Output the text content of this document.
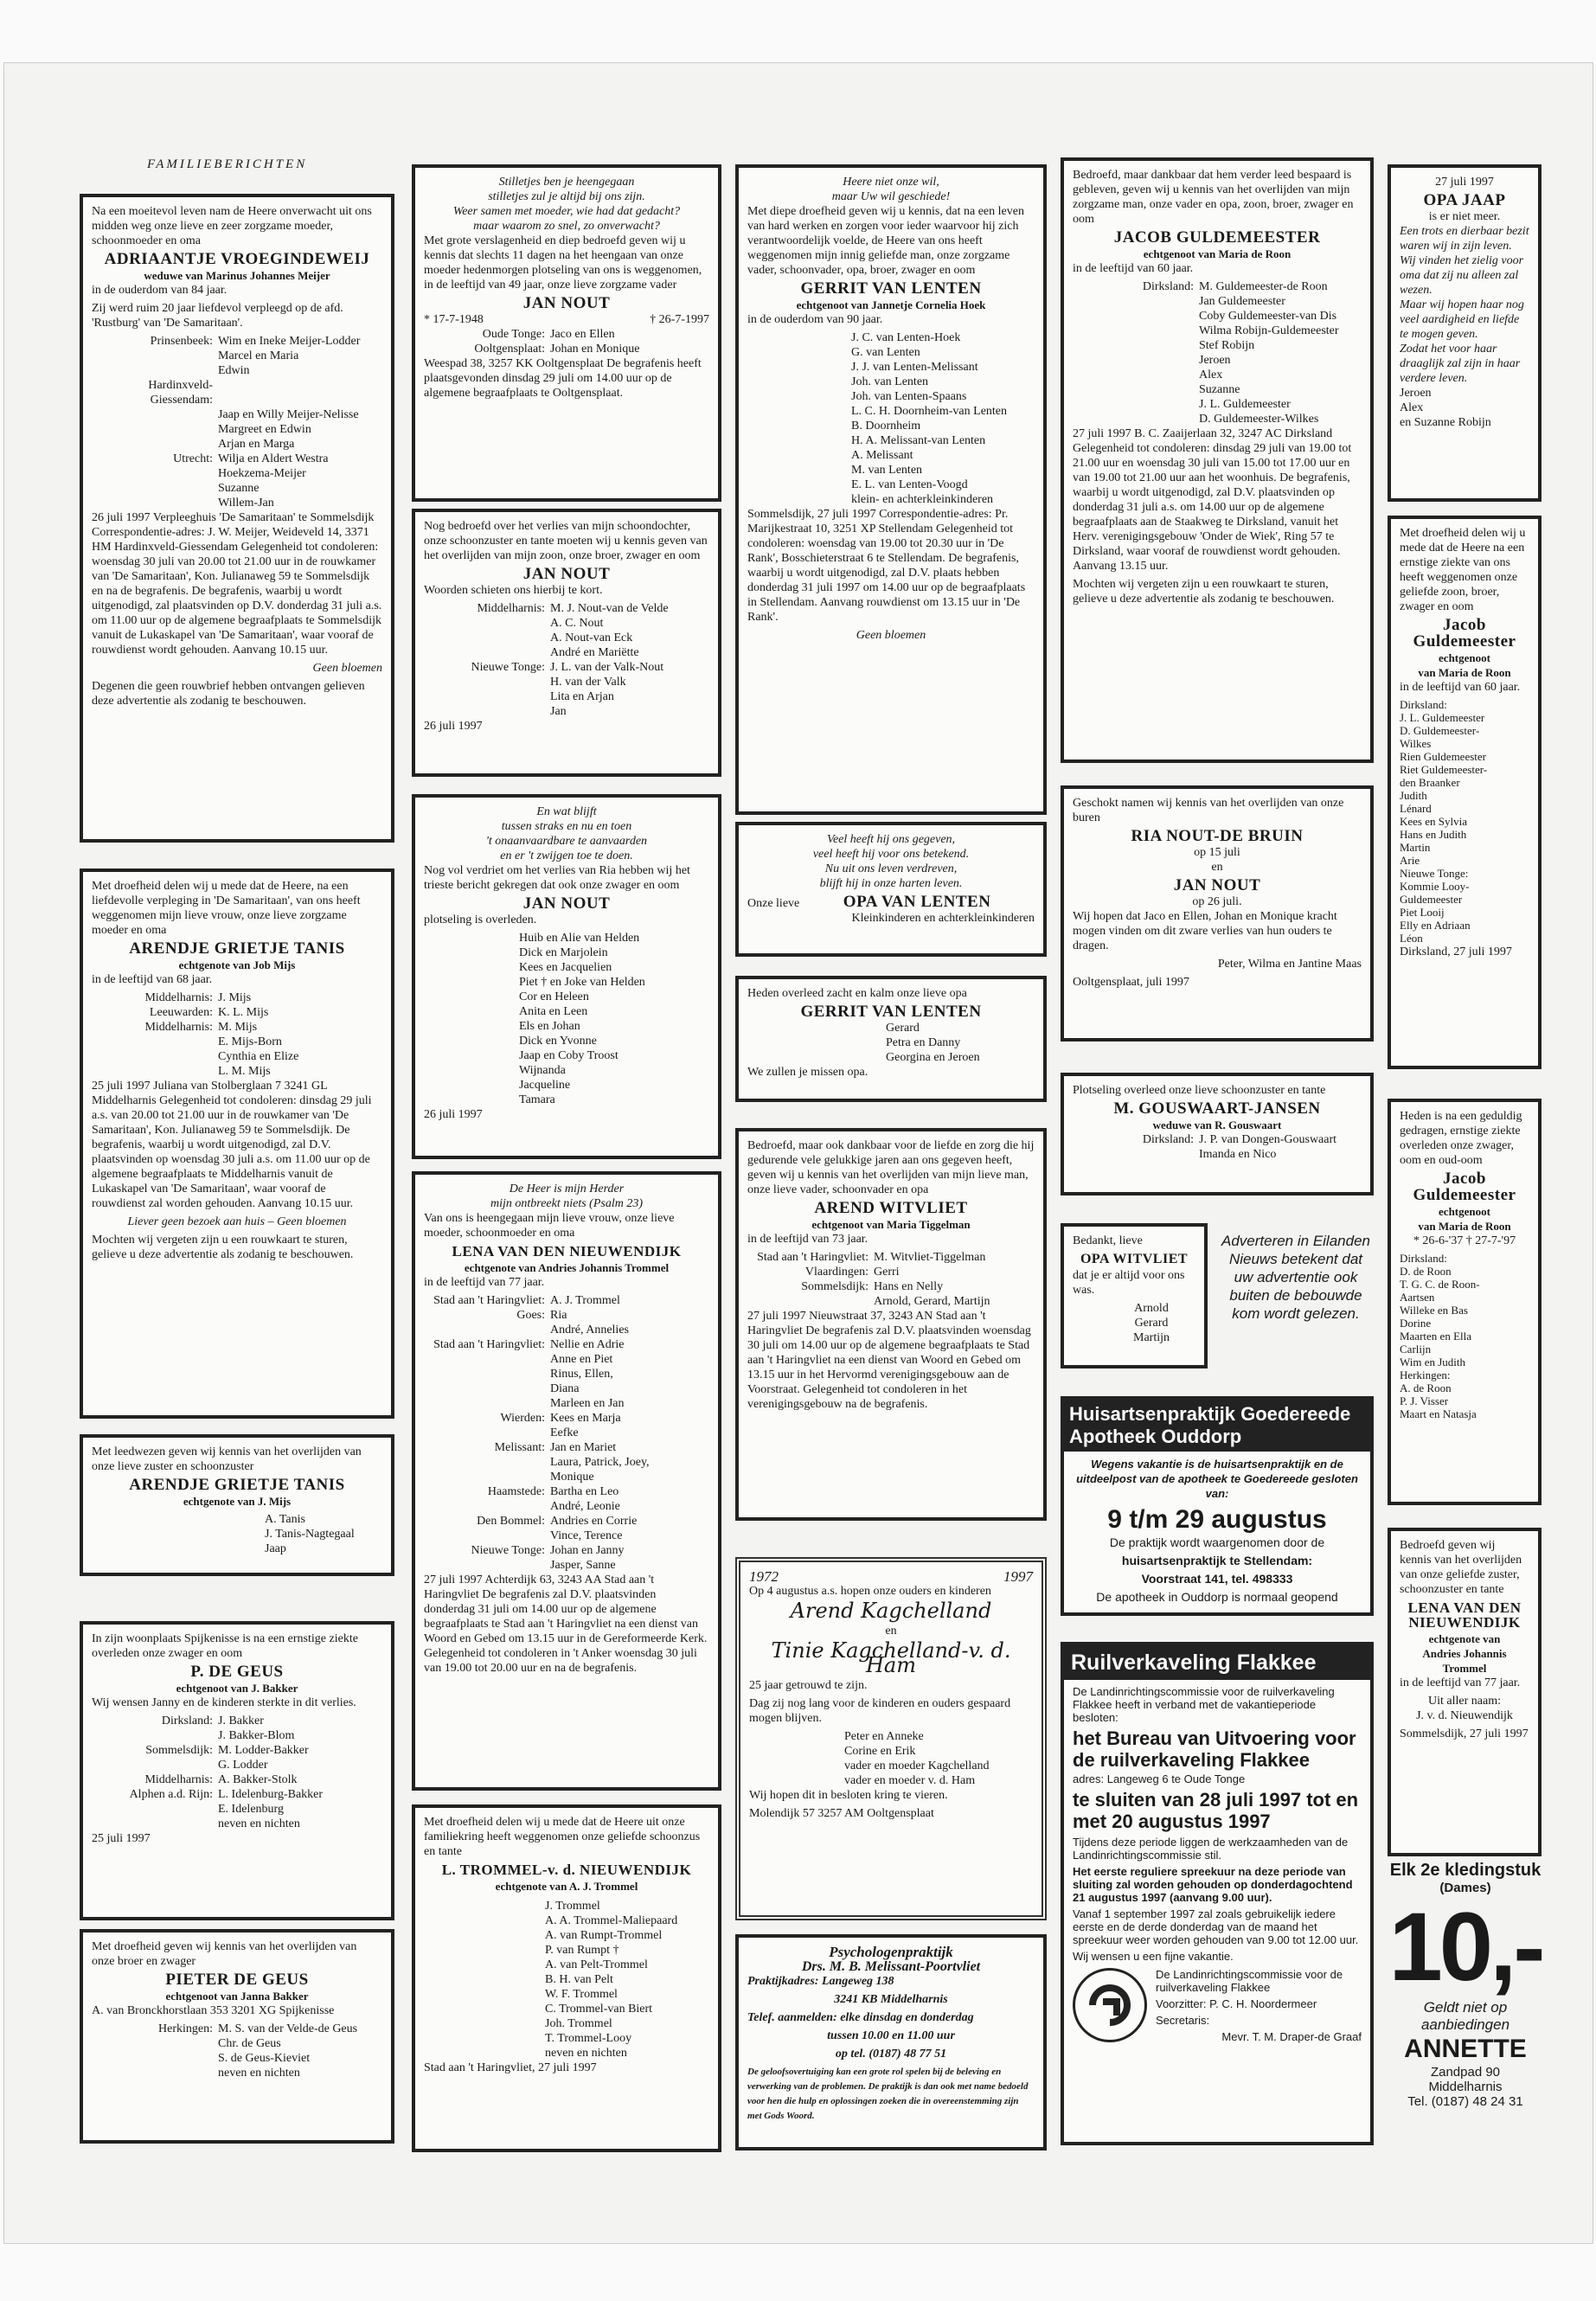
FAMILIEBERICHTEN

Na een moeitevol leven nam de Heere onverwacht uit ons midden weg onze lieve en zeer zorgzame moeder, schoonmoeder en oma

ADRIAANTJE VROEGINDEWEIJ
weduwe van Marinus Johannes Meijer

in de ouderdom van 84 jaar.

Zij werd ruim 20 jaar liefdevol verpleegd op de afd. 'Rustburg' van 'De Samaritaan'.

Prinsenbeek: Wim en Ineke Meijer-Lodder
Marcel en Maria
Edwin
Hardinxveld-Giessendam:
Jaap en Willy Meijer-Nelisse
Margreet en Edwin
Arjan en Marga
Utrecht: Wilja en Aldert Westra
Hoekzema-Meijer
Suzanne
Willem-Jan

26 juli 1997 Verpleeghuis 'De Samaritaan' te Sommelsdijk Correspondentie-adres: J. W. Meijer, Weideveld 14, 3371 HM Hardinxveld-Giessendam Gelegenheid tot condoleren: woensdag 30 juli van 20.00 tot 21.00 uur in de rouwkamer van 'De Samaritaan', Kon. Julianaweg 59 te Sommelsdijk en na de begrafenis. De begrafenis, waarbij u wordt uitgenodigd, zal plaatsvinden op D.V. donderdag 31 juli a.s. om 11.00 uur op de algemene begraafplaats te Sommelsdijk vanuit de Lukaskapel van 'De Samaritaan', waar vooraf de rouwdienst wordt gehouden. Aanvang 10.15 uur.

Geen bloemen

Degenen die geen rouwbrief hebben ontvangen gelieven deze advertentie als zodanig te beschouwen.

Met droefheid delen wij u mede dat de Heere, na een liefdevolle verpleging in 'De Samaritaan', van ons heeft weggenomen mijn lieve vrouw, onze lieve zorgzame moeder en oma

ARENDJE GRIETJE TANIS
echtgenote van Job Mijs

in de leeftijd van 68 jaar.

Middelharnis: J. Mijs
Leeuwarden: K. L. Mijs
Middelharnis: M. Mijs
E. Mijs-Born
Cynthia en Elize
L. M. Mijs

25 juli 1997 Juliana van Stolberglaan 7 3241 GL Middelharnis Gelegenheid tot condoleren: dinsdag 29 juli a.s. van 20.00 tot 21.00 uur in de rouwkamer van 'De Samaritaan', Kon. Julianaweg 59 te Sommelsdijk. De begrafenis, waarbij u wordt uitgenodigd, zal D.V. plaatsvinden op woensdag 30 juli a.s. om 11.00 uur op de algemene begraafplaats te Middelharnis vanuit de Lukaskapel van 'De Samaritaan', waar vooraf de rouwdienst zal worden gehouden. Aanvang 10.15 uur.

Liever geen bezoek aan huis – Geen bloemen

Mochten wij vergeten zijn u een rouwkaart te sturen, gelieve u deze advertentie als zodanig te beschouwen.

Met leedwezen geven wij kennis van het overlijden van onze lieve zuster en schoonzuster

ARENDJE GRIETJE TANIS
echtgenote van J. Mijs
A. Tanis
J. Tanis-Nagtegaal
Jaap

In zijn woonplaats Spijkenisse is na een ernstige ziekte overleden onze zwager en oom

P. DE GEUS
echtgenoot van J. Bakker

Wij wensen Janny en de kinderen sterkte in dit verlies.

Dirksland: J. Bakker
J. Bakker-Blom
Sommelsdijk: M. Lodder-Bakker
G. Lodder
Middelharnis: A. Bakker-Stolk
Alphen a.d. Rijn: L. Idelenburg-Bakker
E. Idelenburg
neven en nichten

25 juli 1997

Met droefheid geven wij kennis van het overlijden van onze broer en zwager

PIETER DE GEUS
echtgenoot van Janna Bakker

A. van Bronckhorstlaan 353 3201 XG Spijkenisse

Herkingen: M. S. van der Velde-de Geus
Chr. de Geus
S. de Geus-Kieviet
neven en nichten
Stilletjes ben je heengegaan
stilletjes zul je altijd bij ons zijn.
Weer samen met moeder, wie had dat gedacht?
maar waarom zo snel, zo onverwacht?

Met grote verslagenheid en diep bedroefd geven wij u kennis dat slechts 11 dagen na het heengaan van onze moeder hedenmorgen plotseling van ons is weggenomen, in de leeftijd van 49 jaar, onze lieve zorgzame vader

JAN NOUT
* 17-7-1948	† 26-7-1997
Oude Tonge: Jaco en Ellen
Ooltgensplaat: Johan en Monique

Weespad 38, 3257 KK Ooltgensplaat De begrafenis heeft plaatsgevonden dinsdag 29 juli om 14.00 uur op de algemene begraafplaats te Ooltgensplaat.

Nog bedroefd over het verlies van mijn schoondochter, onze schoonzuster en tante moeten wij u kennis geven van het overlijden van mijn zoon, onze broer, zwager en oom

JAN NOUT

Woorden schieten ons hierbij te kort.

Middelharnis: M. J. Nout-van de Velde
A. C. Nout
A. Nout-van Eck
André en Mariëtte
Nieuwe Tonge: J. L. van der Valk-Nout
H. van der Valk
Lita en Arjan
Jan

26 juli 1997

En wat blijft
tussen straks en nu en toen
't onaanvaardbare te aanvaarden
en er 't zwijgen toe te doen.

Nog vol verdriet om het verlies van Ria hebben wij het trieste bericht gekregen dat ook onze zwager en oom

JAN NOUT

plotseling is overleden.

Huib en Alie van Helden
Dick en Marjolein
Kees en Jacquelien
Piet † en Joke van Helden
Cor en Heleen
Anita en Leen
Els en Johan
Dick en Yvonne
Jaap en Coby Troost
Wijnanda
Jacqueline
Tamara

26 juli 1997

De Heer is mijn Herder
mijn ontbreekt niets (Psalm 23)

Van ons is heengegaan mijn lieve vrouw, onze lieve moeder, schoonmoeder en oma

LENA VAN DEN NIEUWENDIJK
echtgenote van Andries Johannis Trommel

in de leeftijd van 77 jaar.

Stad aan 't Haringvliet: A. J. Trommel
Goes: Ria
André, Annelies
Stad aan 't Haringvliet: Nellie en Adrie
Anne en Piet
Rinus, Ellen,
Diana
Marleen en Jan
Wierden: Kees en Marja
Eefke
Melissant: Jan en Mariet
Laura, Patrick, Joey,
Monique
Haamstede: Bartha en Leo
André, Leonie
Den Bommel: Andries en Corrie
Vince, Terence
Nieuwe Tonge: Johan en Janny
Jasper, Sanne

27 juli 1997 Achterdijk 63, 3243 AA Stad aan 't Haringvliet De begrafenis zal D.V. plaatsvinden donderdag 31 juli om 14.00 uur op de algemene begraafplaats te Stad aan 't Haringvliet na een dienst van Woord en Gebed om 13.15 uur in de Gereformeerde Kerk. Gelegenheid tot condoleren in 't Anker woensdag 30 juli van 19.00 tot 20.00 uur en na de begrafenis.

Met droefheid delen wij u mede dat de Heere uit onze familiekring heeft weggenomen onze geliefde schoonzus en tante

L. TROMMEL-v. d. NIEUWENDIJK
echtgenote van A. J. Trommel
J. Trommel
A. A. Trommel-Maliepaard
A. van Rumpt-Trommel
P. van Rumpt †
A. van Pelt-Trommel
B. H. van Pelt
W. F. Trommel
C. Trommel-van Biert
Joh. Trommel
T. Trommel-Looy
neven en nichten

Stad aan 't Haringvliet, 27 juli 1997

Heere niet onze wil,
maar Uw wil geschiede!

Met diepe droefheid geven wij u kennis, dat na een leven van hard werken en zorgen voor ieder waarvoor hij zich verantwoordelijk voelde, de Heere van ons heeft weggenomen mijn innig geliefde man, onze zorgzame vader, schoonvader, opa, broer, zwager en oom

GERRIT VAN LENTEN
echtgenoot van Jannetje Cornelia Hoek

in de ouderdom van 90 jaar.

J. C. van Lenten-Hoek
G. van Lenten
J. J. van Lenten-Melissant
Joh. van Lenten
Joh. van Lenten-Spaans
L. C. H. Doornheim-van Lenten
B. Doornheim
H. A. Melissant-van Lenten
A. Melissant
M. van Lenten
E. L. van Lenten-Voogd
klein- en achterkleinkinderen

Sommelsdijk, 27 juli 1997 Correspondentie-adres: Pr. Marijkestraat 10, 3251 XP Stellendam Gelegenheid tot condoleren: woensdag van 19.00 tot 20.30 uur in 'De Rank', Bosschieterstraat 6 te Stellendam. De begrafenis, waarbij u wordt uitgenodigd, zal D.V. plaats hebben donderdag 31 juli 1997 om 14.00 uur op de begraafplaats in Stellendam. Aanvang rouwdienst om 13.15 uur in 'De Rank'.

Geen bloemen

Veel heeft hij ons gegeven,
veel heeft hij voor ons betekend.
Nu uit ons leven verdreven,
blijft hij in onze harten leven.
Onze lieve	OPA VAN LENTEN

Kleinkinderen en achterkleinkinderen

Heden overleed zacht en kalm onze lieve opa

GERRIT VAN LENTEN
Gerard
Petra en Danny
Georgina en Jeroen

We zullen je missen opa.

Bedroefd, maar ook dankbaar voor de liefde en zorg die hij gedurende vele gelukkige jaren aan ons gegeven heeft, geven wij u kennis van het overlijden van mijn lieve man, onze lieve vader, schoonvader en opa

AREND WITVLIET
echtgenoot van Maria Tiggelman

in de leeftijd van 73 jaar.

Stad aan 't Haringvliet: M. Witvliet-Tiggelman
Vlaardingen: Gerri
Sommelsdijk: Hans en Nelly
Arnold, Gerard, Martijn

27 juli 1997 Nieuwstraat 37, 3243 AN Stad aan 't Haringvliet De begrafenis zal D.V. plaatsvinden woensdag 30 juli om 14.00 uur op de algemene begraafplaats te Stad aan 't Haringvliet na een dienst van Woord en Gebed om 13.15 uur in het Hervormd verenigingsgebouw aan de Voorstraat. Gelegenheid tot condoleren in het verenigingsgebouw na de begrafenis.

1972	1997

Op 4 augustus a.s. hopen onze ouders en kinderen

Arend Kagchelland
en
Tinie Kagchelland-v. d. Ham

25 jaar getrouwd te zijn.

Dag zij nog lang voor de kinderen en ouders gespaard mogen blijven.

Peter en Anneke
Corine en Erik
vader en moeder Kagchelland
vader en moeder v. d. Ham

Wij hopen dit in besloten kring te vieren.

Molendijk 57 3257 AM Ooltgensplaat

Psychologenpraktijk
Drs. M. B. Melissant-Poortvliet

Praktijkadres: Langeweg 138

3241 KB Middelharnis

Telef. aanmelden: elke dinsdag en donderdag

tussen 10.00 en 11.00 uur

op tel. (0187) 48 77 51

De geloofsovertuiging kan een grote rol spelen bij de beleving en verwerking van de problemen. De praktijk is dan ook met name bedoeld voor hen die hulp en oplossingen zoeken die in overeenstemming zijn met Gods Woord.

Bedroefd, maar dankbaar dat hem verder leed bespaard is gebleven, geven wij u kennis van het overlijden van mijn zorgzame man, onze vader en opa, zoon, broer, zwager en oom

JACOB GULDEMEESTER
echtgenoot van Maria de Roon

in de leeftijd van 60 jaar.

Dirksland: M. Guldemeester-de Roon
Jan Guldemeester
Coby Guldemeester-van Dis
Wilma Robijn-Guldemeester
Stef Robijn
Jeroen
Alex
Suzanne
J. L. Guldemeester
D. Guldemeester-Wilkes

27 juli 1997 B. C. Zaaijerlaan 32, 3247 AC Dirksland Gelegenheid tot condoleren: dinsdag 29 juli van 19.00 tot 21.00 uur en woensdag 30 juli van 15.00 tot 17.00 uur en van 19.00 tot 21.00 uur aan het woonhuis. De begrafenis, waarbij u wordt uitgenodigd, zal D.V. plaatsvinden op donderdag 31 juli a.s. om 14.00 uur op de algemene begraafplaats aan de Staakweg te Dirksland, vanuit het Herv. verenigingsgebouw 'Onder de Wiek', Ring 57 te Dirksland, waar vooraf de rouwdienst wordt gehouden. Aanvang 13.15 uur.

Mochten wij vergeten zijn u een rouwkaart te sturen, gelieve u deze advertentie als zodanig te beschouwen.

Geschokt namen wij kennis van het overlijden van onze buren

RIA NOUT-DE BRUIN
op 15 juli
en
JAN NOUT
op 26 juli.

Wij hopen dat Jaco en Ellen, Johan en Monique kracht mogen vinden om dit zware verlies van hun ouders te dragen.

Peter, Wilma en Jantine Maas

Ooltgensplaat, juli 1997

Plotseling overleed onze lieve schoonzuster en tante

M. GOUSWAART-JANSEN
weduwe van R. Gouswaart
Dirksland: J. P. van Dongen-Gouswaart
Imanda en Nico

Bedankt, lieve

OPA WITVLIET

dat je er altijd voor ons was.

Arnold
Gerard
Martijn
Adverteren in Eilanden Nieuws betekent dat uw advertentie ook buiten de bebouwde kom wordt gelezen.
Huisartsenpraktijk Goedereede Apotheek Ouddorp

Wegens vakantie is de huisartsenpraktijk en de uitdeelpost van de apotheek te Goedereede gesloten van:

9 t/m 29 augustus

De praktijk wordt waargenomen door de

huisartsenpraktijk te Stellendam:

Voorstraat 141, tel. 498333

De apotheek in Ouddorp is normaal geopend

Ruilverkaveling Flakkee

De Landinrichtingscommissie voor de ruilverkaveling Flakkee heeft in verband met de vakantieperiode besloten:

het Bureau van Uitvoering voor de ruilverkaveling Flakkee

adres: Langeweg 6 te Oude Tonge

te sluiten van 28 juli 1997 tot en met 20 augustus 1997

Tijdens deze periode liggen de werkzaamheden van de Landinrichtingscommissie stil.

Het eerste reguliere spreekuur na deze periode van sluiting zal worden gehouden op donderdagochtend 21 augustus 1997 (aanvang 9.00 uur).

Vanaf 1 september 1997 zal zoals gebruikelijk iedere eerste en de derde donderdag van de maand het spreekuur weer worden gehouden van 9.00 tot 12.00 uur.

Wij wensen u een fijne vakantie.

De Landinrichtingscommissie voor de ruilverkaveling Flakkee

Voorzitter: P. C. H. Noordermeer

Secretaris:

Mevr. T. M. Draper-de Graaf

27 juli 1997
OPA JAAP
is er niet meer.
Een trots en dierbaar bezit waren wij in zijn leven.
Wij vinden het zielig voor oma dat zij nu alleen zal wezen.
Maar wij hopen haar nog veel aardigheid en liefde te mogen geven.
Zodat het voor haar draaglijk zal zijn in haar verdere leven.
Jeroen
Alex
en Suzanne Robijn

Met droefheid delen wij u mede dat de Heere na een ernstige ziekte van ons heeft weggenomen onze geliefde zoon, broer, zwager en oom

Jacob
Guldemeester
echtgenoot
van Maria de Roon

in de leeftijd van 60 jaar.

Dirksland:
J. L. Guldemeester
D. Guldemeester-
Wilkes
Rien Guldemeester
Riet Guldemeester-
den Braanker
Judith
Lénard
Kees en Sylvia
Hans en Judith
Martin
Arie
Nieuwe Tonge:
Kommie Looy-
Guldemeester
Piet Looij
Elly en Adriaan
Léon

Dirksland, 27 juli 1997

Heden is na een geduldig gedragen, ernstige ziekte overleden onze zwager, oom en oud-oom

Jacob
Guldemeester
echtgenoot
van Maria de Roon

* 26-6-'37 † 27-7-'97

Dirksland:
D. de Roon
T. G. C. de Roon-
Aartsen
Willeke en Bas
Dorine
Maarten en Ella
Carlijn
Wim en Judith
Herkingen:
A. de Roon
P. J. Visser
Maart en Natasja

Bedroefd geven wij kennis van het overlijden van onze geliefde zuster, schoonzuster en tante

LENA VAN DEN NIEUWENDIJK
echtgenote van
Andries Johannis
Trommel

in de leeftijd van 77 jaar.

Uit aller naam:

J. v. d. Nieuwendijk

Sommelsdijk, 27 juli 1997

Elk 2e kledingstuk
(Dames)
10,-
Geldt niet op aanbiedingen
ANNETTE
Zandpad 90
Middelharnis
Tel. (0187) 48 24 31
